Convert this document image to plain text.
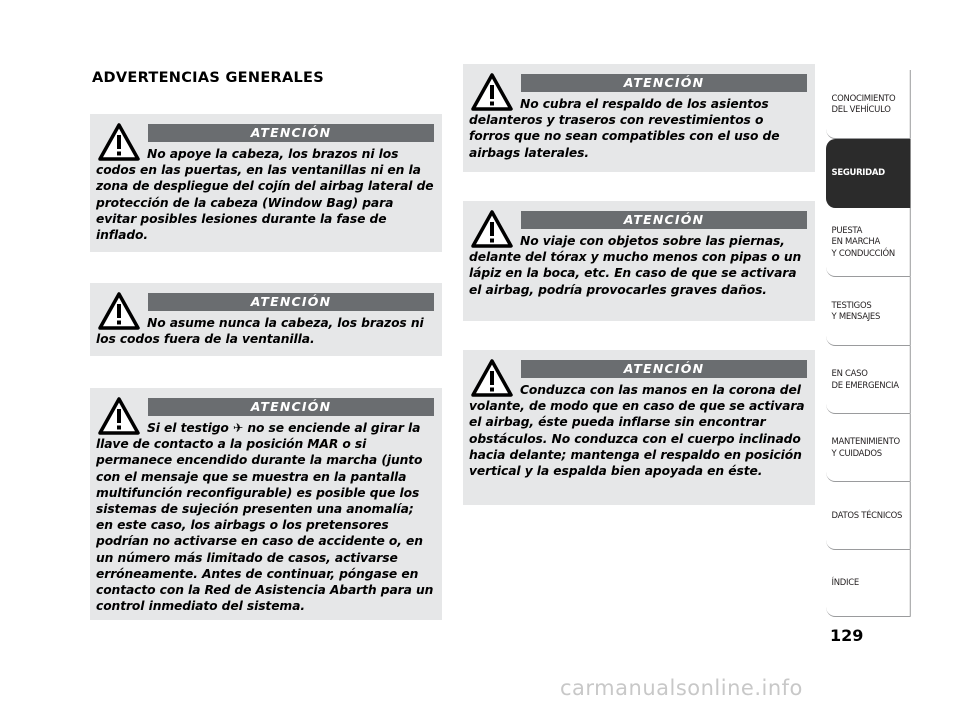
ADVERTENCIAS GENERALES
ATENCIÓN
No apoye la cabeza, los brazos ni los codos en las puertas, en las ventanillas ni en la zona de despliegue del cojín del airbag lateral de protección de la cabeza (Window Bag) para evitar posibles lesiones durante la fase de inflado.
ATENCIÓN
No asume nunca la cabeza, los brazos ni los codos fuera de la ventanilla.
ATENCIÓN
Si el testigo ✈ no se enciende al girar la llave de contacto a la posición MAR o si permanece encendido durante la marcha (junto con el mensaje que se muestra en la pantalla multifunción reconfigurable) es posible que los sistemas de sujeción presenten una anomalía; en este caso, los airbags o los pretensores podrían no activarse en caso de accidente o, en un número más limitado de casos, activarse erróneamente. Antes de continuar, póngase en contacto con la Red de Asistencia Abarth para un control inmediato del sistema.
ATENCIÓN
No cubra el respaldo de los asientos delanteros y traseros con revestimientos o forros que no sean compatibles con el uso de airbags laterales.
ATENCIÓN
No viaje con objetos sobre las piernas, delante del tórax y mucho menos con pipas o un lápiz en la boca, etc. En caso de que se activara el airbag, podría provocarles graves daños.
ATENCIÓN
Conduzca con las manos en la corona del volante, de modo que en caso de que se activara el airbag, éste pueda inflarse sin encontrar obstáculos. No conduzca con el cuerpo inclinado hacia delante; mantenga el respaldo en posición vertical y la espalda bien apoyada en éste.
CONOCIMIENTO
DEL VEHÍCULO
SEGURIDAD
PUESTA
EN MARCHA
Y CONDUCCIÓN
TESTIGOS
Y MENSAJES
EN CASO
DE EMERGENCIA
MANTENIMIENTO
Y CUIDADOS
DATOS TÉCNICOS
ÍNDICE
129
carmanualsonline.info
